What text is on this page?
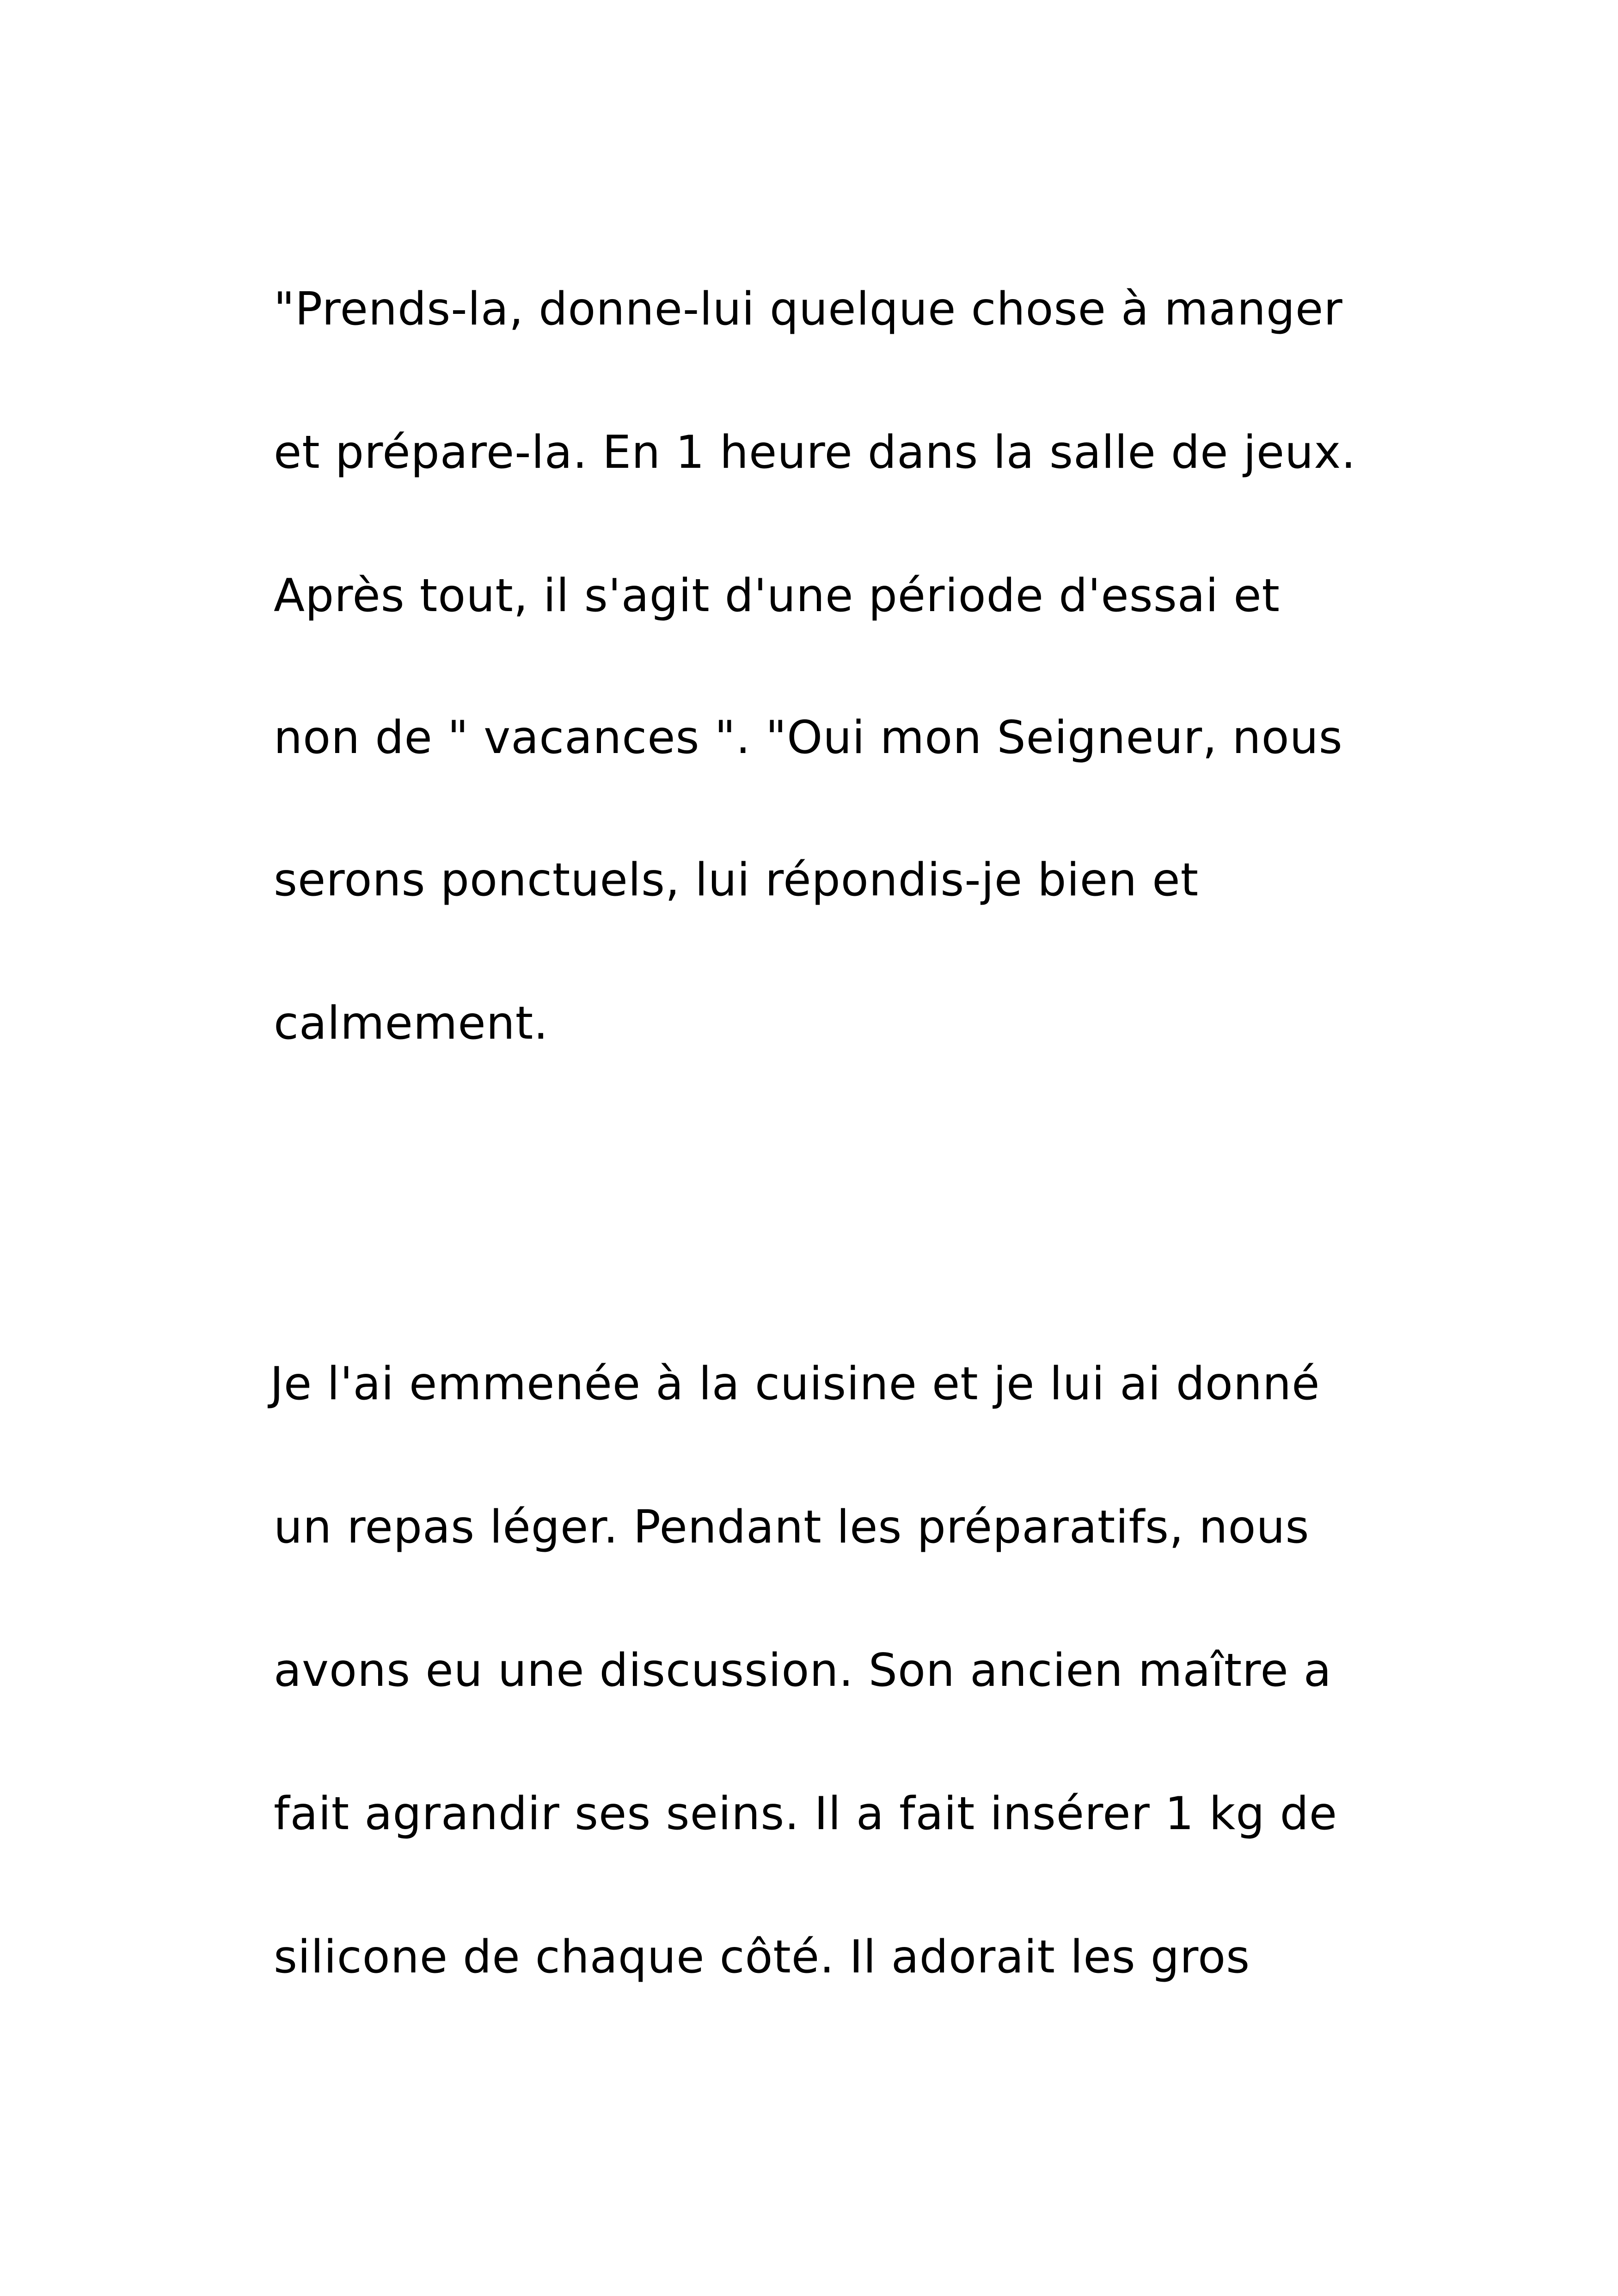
"Prends-la, donne-lui quelque chose à manger
et prépare-la. En 1 heure dans la salle de jeux.
Après tout, il s'agit d'une période d'essai et
non de " vacances ". "Oui mon Seigneur, nous
serons ponctuels, lui répondis-je bien et
calmement.
Je l'ai emmenée à la cuisine et je lui ai donné
un repas léger. Pendant les préparatifs, nous
avons eu une discussion. Son ancien maître a
fait agrandir ses seins. Il a fait insérer 1 kg de
silicone de chaque côté. Il adorait les gros
